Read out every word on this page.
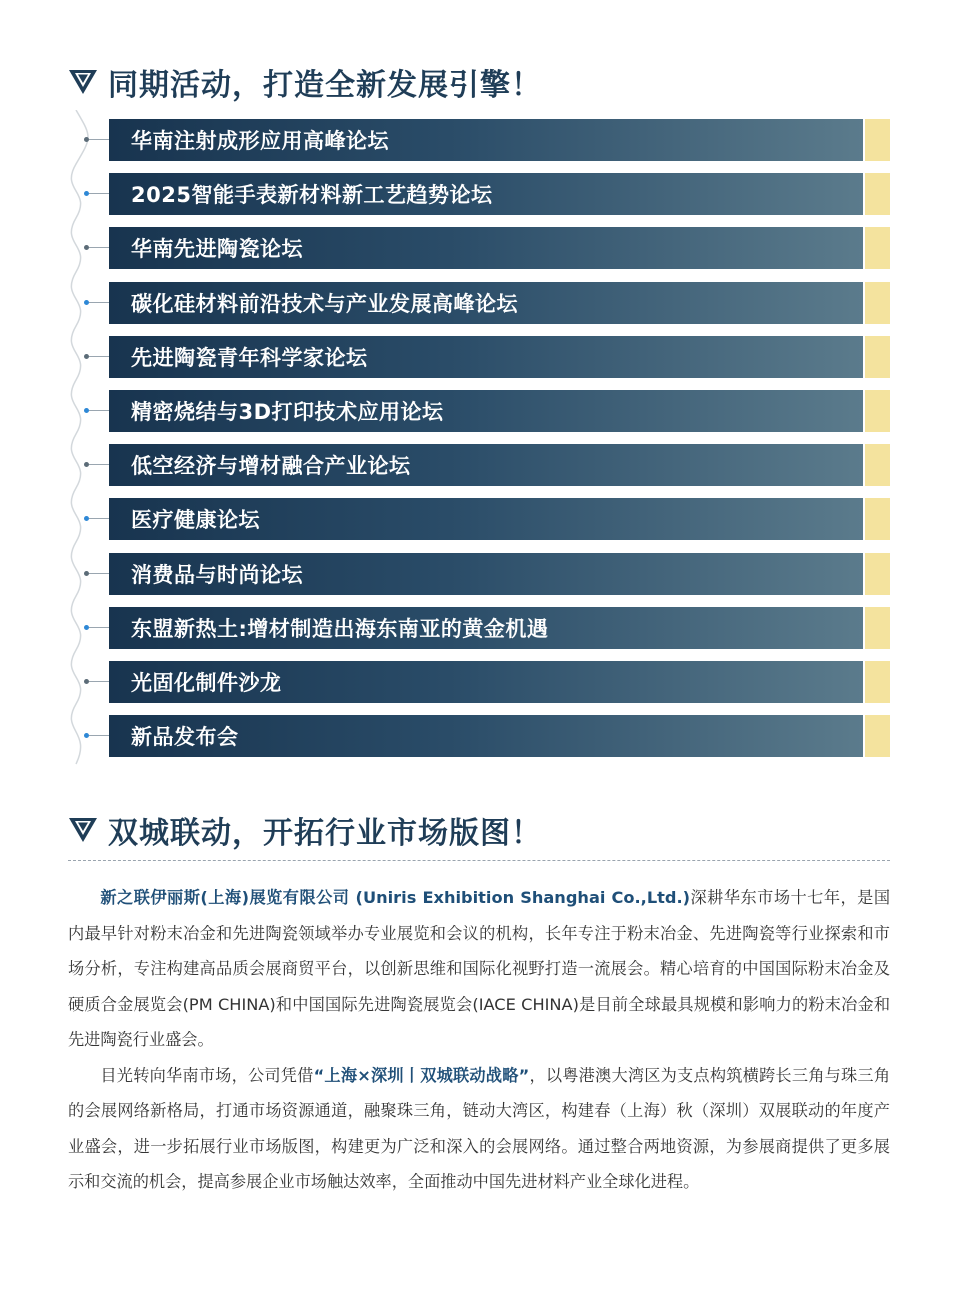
同期活动，打造全新发展引擎！
华南注射成形应用高峰论坛
2025智能手表新材料新工艺趋势论坛
华南先进陶瓷论坛
碳化硅材料前沿技术与产业发展高峰论坛
先进陶瓷青年科学家论坛
精密烧结与3D打印技术应用论坛
低空经济与增材融合产业论坛
医疗健康论坛
消费品与时尚论坛
东盟新热土:增材制造出海东南亚的黄金机遇
光固化制件沙龙
新品发布会
双城联动，开拓行业市场版图！

新之联伊丽斯(上海)展览有限公司 (Uniris Exhibition Shanghai Co.,Ltd.)深耕华东市场十七年，是国内最早针对粉末冶金和先进陶瓷领域举办专业展览和会议的机构，长年专注于粉末冶金、先进陶瓷等行业探索和市场分析，专注构建高品质会展商贸平台，以创新思维和国际化视野打造一流展会。精心培育的中国国际粉末冶金及硬质合金展览会(PM CHINA)和中国国际先进陶瓷展览会(IACE CHINA)是目前全球最具规模和影响力的粉末冶金和先进陶瓷行业盛会。

目光转向华南市场，公司凭借“上海×深圳丨双城联动战略”，以粤港澳大湾区为支点构筑横跨长三角与珠三角的会展网络新格局，打通市场资源通道，融聚珠三角，链动大湾区，构建春（上海）秋（深圳）双展联动的年度产业盛会，进一步拓展行业市场版图，构建更为广泛和深入的会展网络。通过整合两地资源，为参展商提供了更多展示和交流的机会，提高参展企业市场触达效率，全面推动中国先进材料产业全球化进程。
